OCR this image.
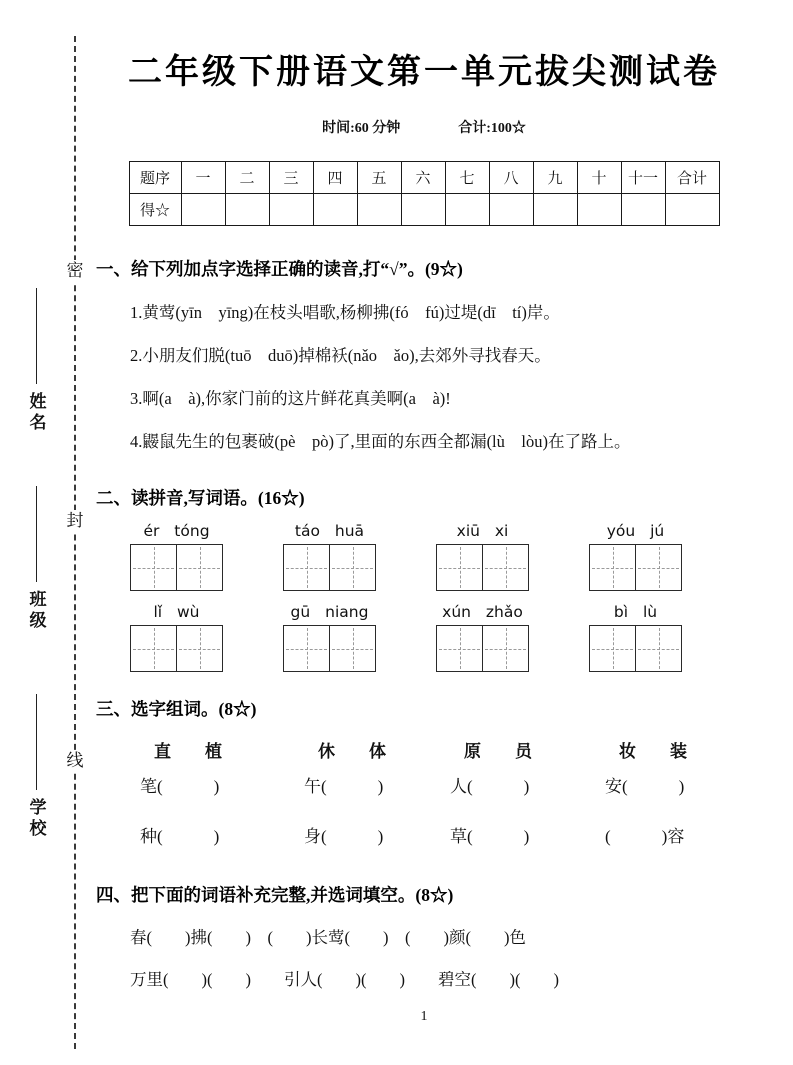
密
封
线
姓名
班级
学校
二年级下册语文第一单元拔尖测试卷
时间:60 分钟	合计:100☆
题序	一	二	三	四	五	六	七	八	九	十	十一	合计
得☆												
一、给下列加点字选择正确的读音,打“√”。(9☆)

1.黄莺(yīn　yīng)在枝头唱歌,杨柳拂(fó　fú)过堤(dī　tí)岸。

2.小朋友们脱(tuō　duō)掉棉袄(nǎo　ǎo),去郊外寻找春天。

3.啊(a　à),你家门前的这片鲜花真美啊(a　à)!

4.鼹鼠先生的包裹破(pè　pò)了,里面的东西全都漏(lù　lòu)在了路上。

二、读拼音,写词语。(16☆)
ér tóng	táo huā	xiū xi	yóu jú
lǐ wù	gū niang	xún zhǎo	bì lù
三、选字组词。(8☆)
直　　植	休　　体	原　　员	妆　　装
笔(　　　)	午(　　　)	人(　　　)	安(　　　)
种(　　　)	身(　　　)	草(　　　)	(　　　)容
四、把下面的词语补充完整,并选词填空。(8☆)

春(　　)拂(　　)　(　　)长莺(　　)　(　　)颜(　　)色

万里(　　)(　　)　　引人(　　)(　　)　　碧空(　　)(　　)

1
